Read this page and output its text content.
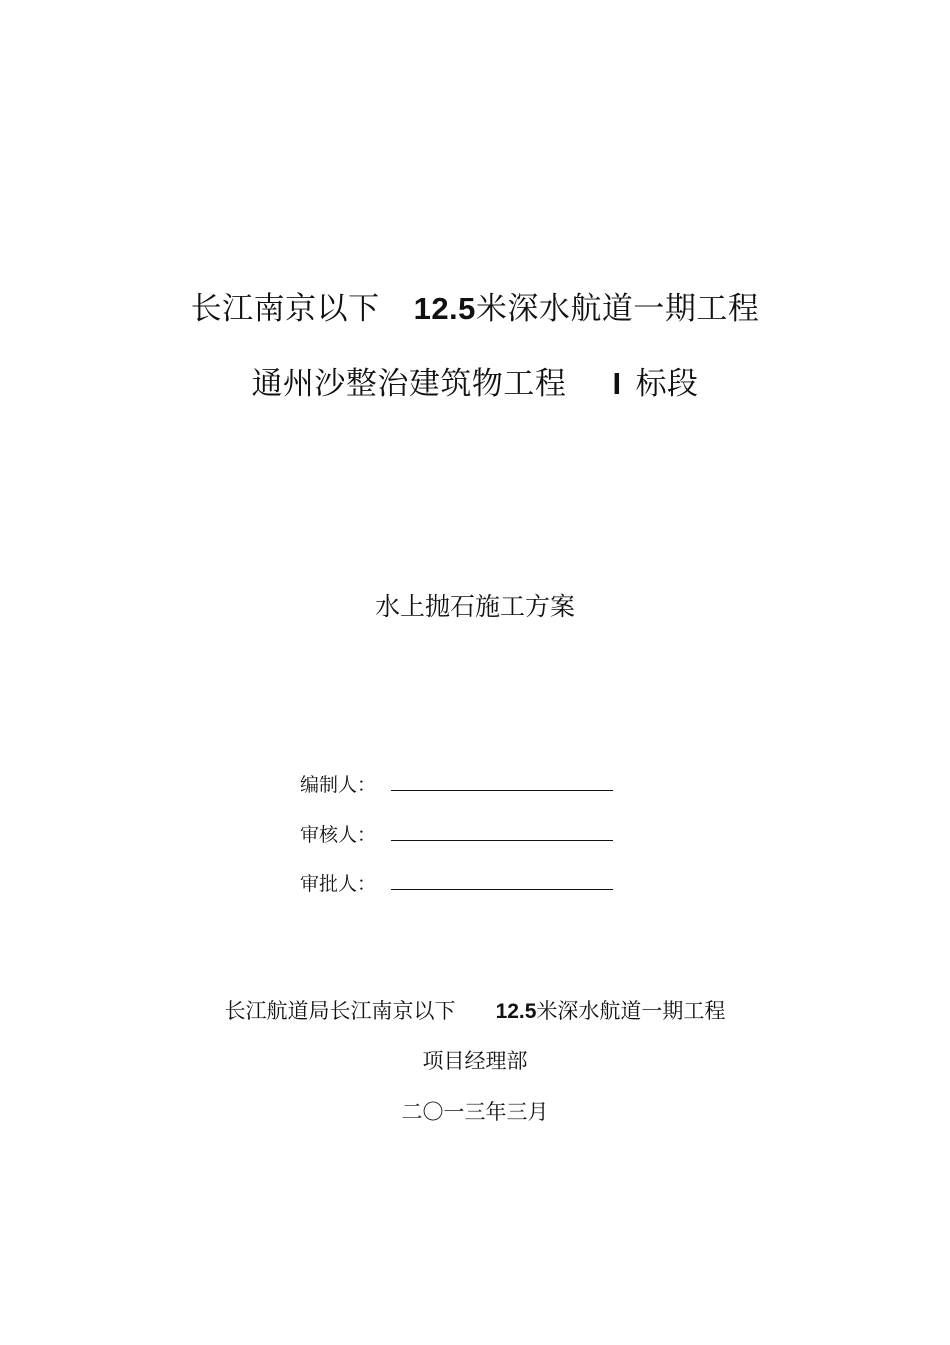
长江南京以下 12.5米深水航道一期工程
通州沙整治建筑物工程 I 标段
水上抛石施工方案
编制人：
审核人：
审批人：
长江航道局长江南京以下 12.5米深水航道一期工程
项目经理部
二〇一三年三月
